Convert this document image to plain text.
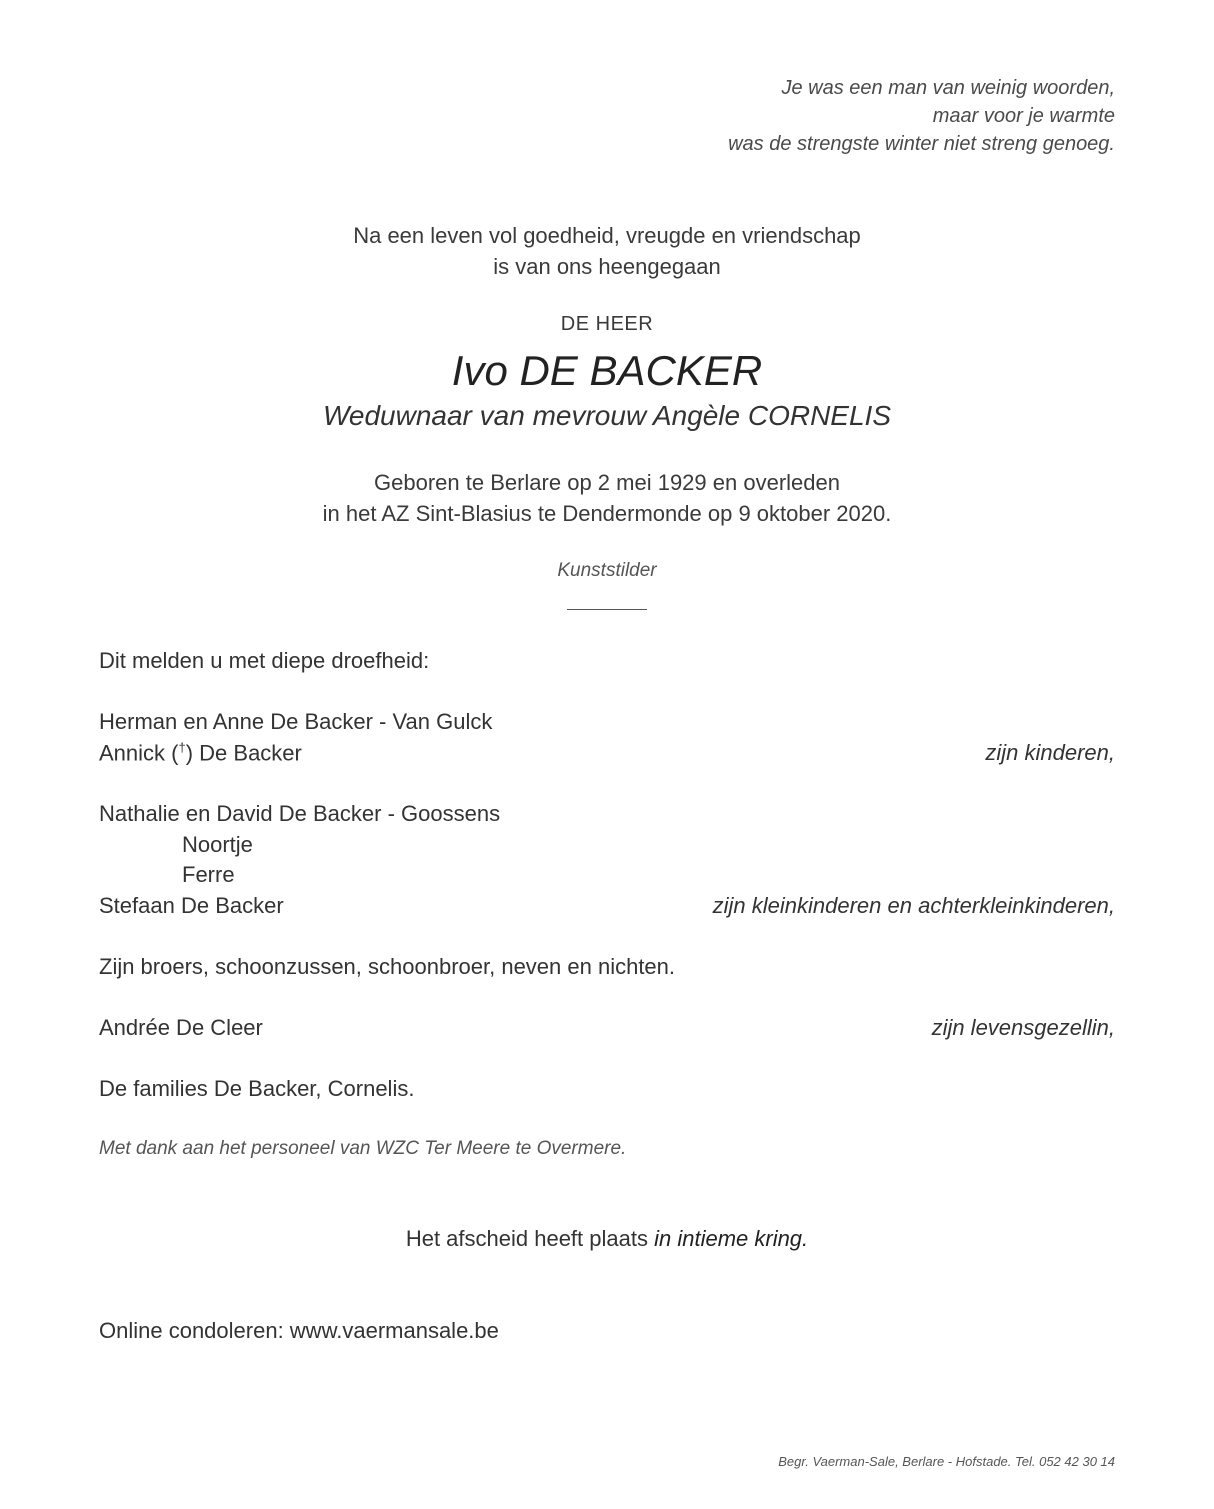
Je was een man van weinig woorden,
maar voor je warmte
was de strengste winter niet streng genoeg.
Na een leven vol goedheid, vreugde en vriendschap
is van ons heengegaan
DE HEER
Ivo DE BACKER
Weduwnaar van mevrouw Angèle CORNELIS
Geboren te Berlare op 2 mei 1929 en overleden
in het AZ Sint-Blasius te Dendermonde op 9 oktober 2020.
Kunststilder
Dit melden u met diepe droefheid:
Herman en Anne De Backer - Van Gulck
Annick (†) De Backer	zijn kinderen,
Nathalie en David De Backer - Goossens
Noortje
Ferre
Stefaan De Backer	zijn kleinkinderen en achterkleinkinderen,
Zijn broers, schoonzussen, schoonbroer, neven en nichten.
Andrée De Cleer	zijn levensgezellin,
De families De Backer, Cornelis.
Met dank aan het personeel van WZC Ter Meere te Overmere.
Het afscheid heeft plaats in intieme kring.
Online condoleren: www.vaermansale.be
Begr. Vaerman-Sale, Berlare - Hofstade. Tel. 052 42 30 14
